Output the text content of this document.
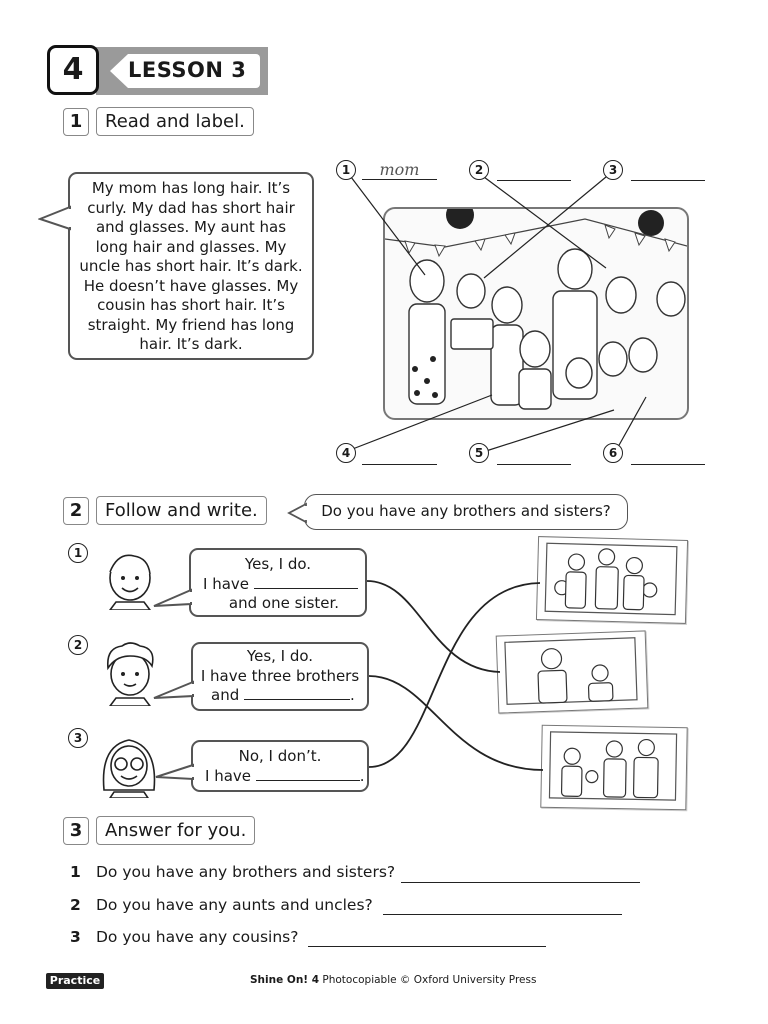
4	LESSON 3
1	Read and label.
My mom has long hair. It’s
curly. My dad has short hair
and glasses. My aunt has
long hair and glasses. My
uncle has short hair. It’s dark.
He doesn’t have glasses. My
cousin has short hair. It’s
straight. My friend has long
hair. It’s dark.
1	mom	2	3
4	5	6
2	Follow and write.	Do you have any brothers and sisters?
1
2
3
Yes, I do.
I have
and one sister.
Yes, I do.
I have three brothers
and	.
No, I don’t.
I have	.
3	Answer for you.
1 Do you have any brothers and sisters?
2 Do you have any aunts and uncles?
3 Do you have any cousins?
Practice	Shine On! 4 Photocopiable © Oxford University Press
